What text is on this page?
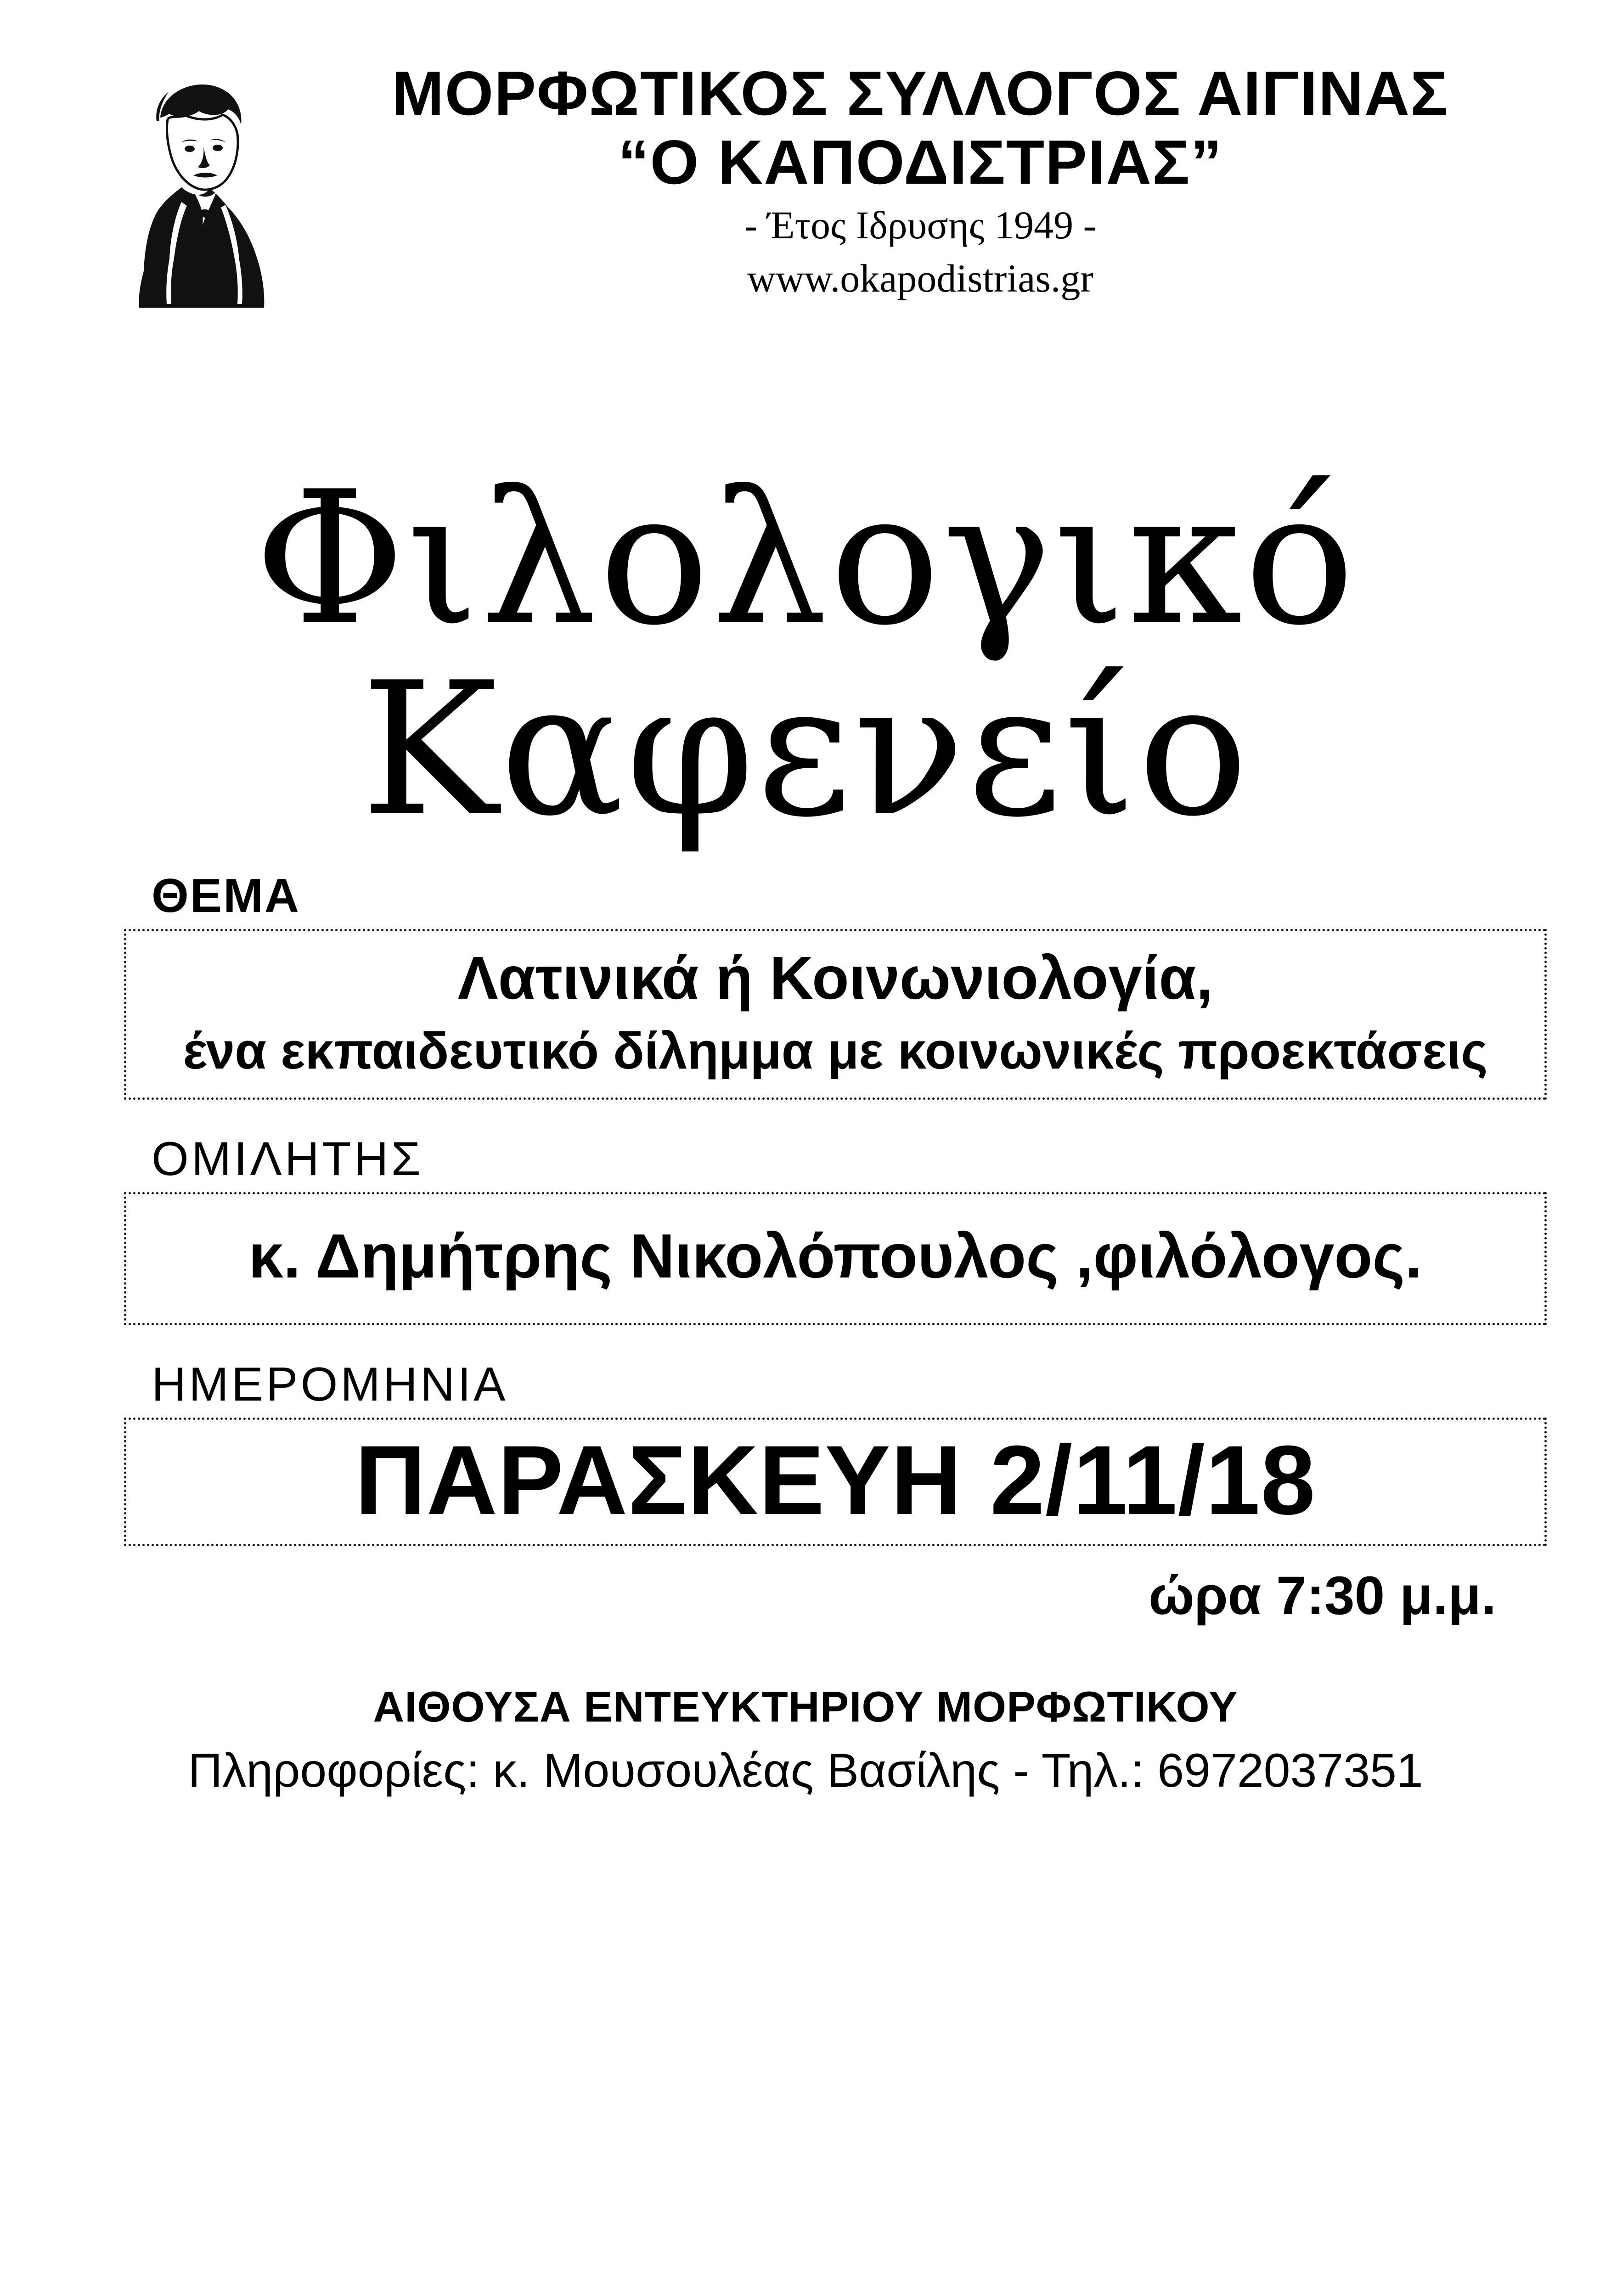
ΜΟΡΦΩΤΙΚΟΣ ΣΥΛΛΟΓΟΣ ΑΙΓΙΝΑΣ
“Ο ΚΑΠΟΔΙΣΤΡΙΑΣ”
- Έτος Ιδρυσης 1949 -
www.okapodistrias.gr
Φιλολογικό
Καφενείο
ΘΕΜΑ
Λατινικά ή Κοινωνιολογία,
ένα εκπαιδευτικό δίλημμα με κοινωνικές προεκτάσεις
ΟΜΙΛΗΤΗΣ
κ. Δημήτρης Νικολόπουλος ,φιλόλογος.
ΗΜΕΡΟΜΗΝΙΑ
ΠΑΡΑΣΚΕΥΗ 2/11/18
ώρα 7:30 μ.μ.
ΑΙΘΟΥΣΑ ΕΝΤΕΥΚΤΗΡΙΟΥ ΜΟΡΦΩΤΙΚΟΥ
Πληροφορίες: κ. Μουσουλέας Βασίλης - Τηλ.: 6972037351
